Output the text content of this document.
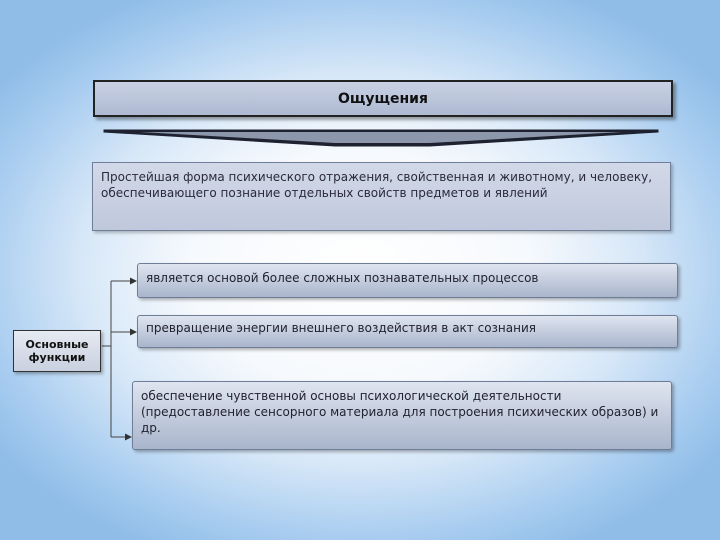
Ощущения
Простейшая форма психического отражения, свойственная и животному, и человеку, обеспечивающего познание отдельных свойств предметов и явлений
является основой более сложных познавательных процессов
превращение энергии внешнего воздействия в акт сознания
обеспечение чувственной основы психологической деятельности (предоставление сенсорного материала для построения психических образов) и др.
Основные функции
